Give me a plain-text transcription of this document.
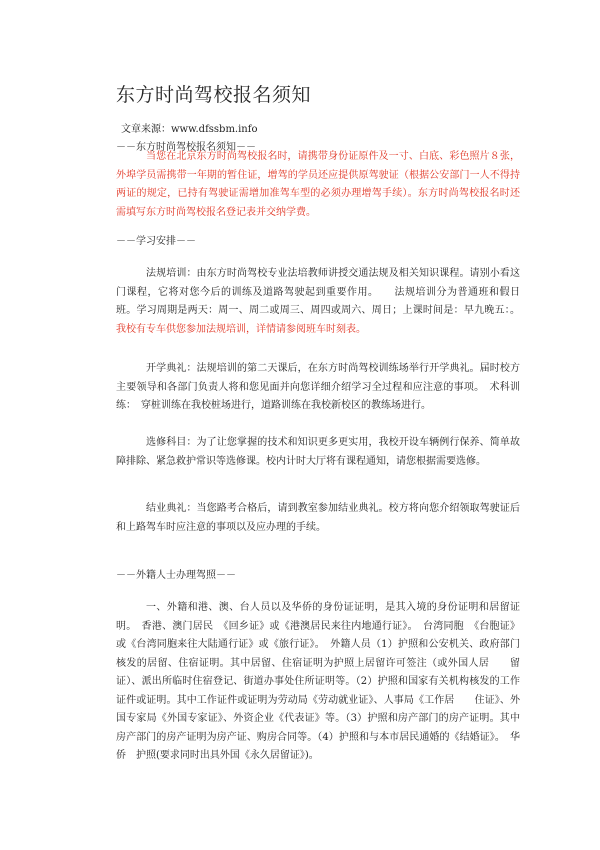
东方时尚驾校报名须知
文章来源：www.dfssbm.info
－－东方时尚驾校报名须知－－

当您在北京东方时尚驾校报名时，请携带身份证原件及一寸、白底、彩色照片８张，外埠学员需携带一年期的暂住证，增驾的学员还应提供原驾驶证（根据公安部门一人不得持两证的规定，已持有驾驶证需增加准驾车型的必须办理增驾手续）。东方时尚驾校报名时还需填写东方时尚驾校报名登记表并交纳学费。

－－学习安排－－

法规培训：由东方时尚驾校专业法培教师讲授交通法规及相关知识课程。请别小看这门课程，它将对您今后的训练及道路驾驶起到重要作用。　　法规培训分为普通班和假日班。学习周期是两天：周一、周二或周三、周四或周六、周日；上课时间是：早九晚五：。我校有专车供您参加法规培训，详情请参阅班车时刻表。

开学典礼：法规培训的第二天课后，在东方时尚驾校训练场举行开学典礼。届时校方主要领导和各部门负责人将和您见面并向您详细介绍学习全过程和应注意的事项。　术科训练：　穿桩训练在我校桩场进行，道路训练在我校新校区的教练场进行。

选修科目：为了让您掌握的技术和知识更多更实用，我校开设车辆例行保养、简单故障排除、紧急救护常识等选修课。校内计时大厅将有课程通知，请您根据需要选修。

结业典礼：当您路考合格后，请到教室参加结业典礼。校方将向您介绍领取驾驶证后和上路驾车时应注意的事项以及应办理的手续。

－－外籍人士办理驾照－－

一、外籍和港、澳、台人员以及华侨的身份证证明，是其入境的身份证明和居留证明。　香港、澳门居民　《回乡证》或《港澳居民来往内地通行证》。　台湾同胞　《台胞证》或《台湾同胞来往大陆通行证》或《旅行证》。　外籍人员（1）护照和公安机关、政府部门核发的居留、住宿证明。其中居留、住宿证明为护照上居留许可签注（或外国人居　　留证）、派出所临时住宿登记、街道办事处住所证明等。（2）护照和国家有关机构核发的工作证件或证明。其中工作证件或证明为劳动局《劳动就业证》、人事局《工作居　　住证》、外国专家局《外国专家证》、外资企业《代表证》等。（3）护照和房产部门的房产证明。其中房产部门的房产证明为房产证、购房合同等。（4）护照和与本市居民通婚的《结婚证》。　华侨　护照(要求同时出具外国《永久居留证》)。
